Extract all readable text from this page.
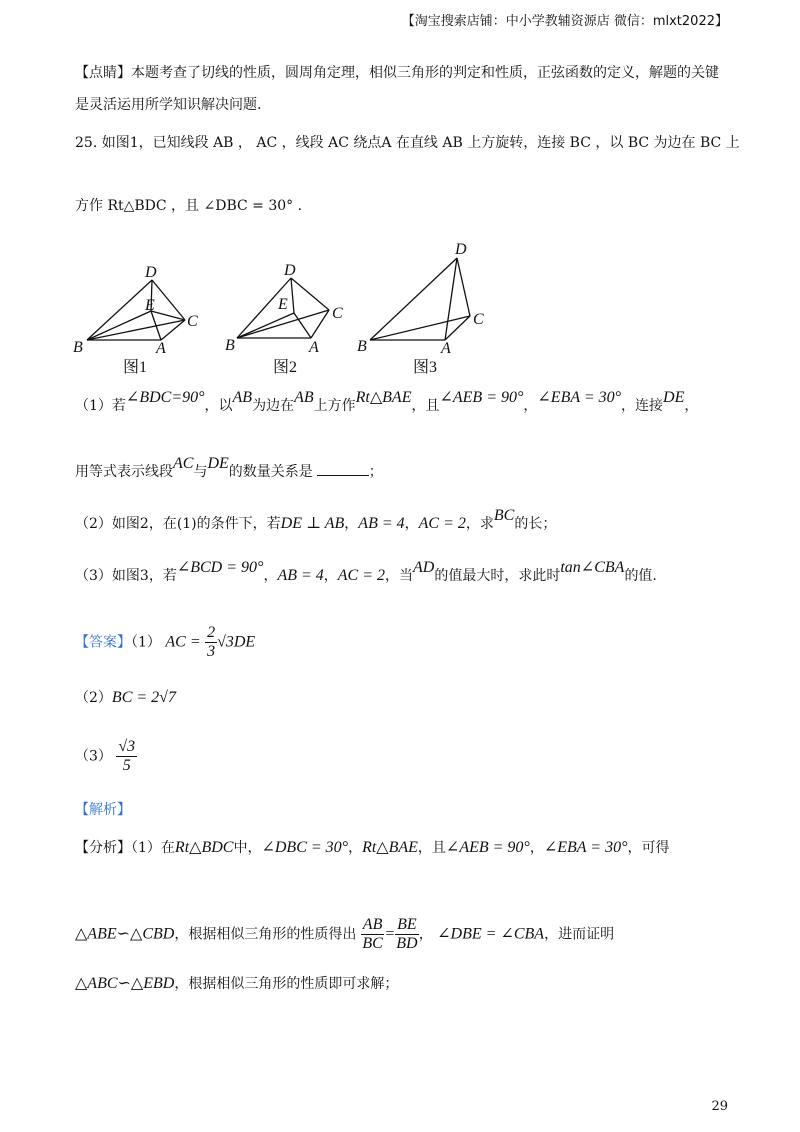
【淘宝搜索店铺：中小学教辅资源店 微信：mlxt2022】
【点睛】本题考查了切线的性质，圆周角定理，相似三角形的判定和性质，正弦函数的定义，解题的关键
是灵活运用所学知识解决问题.
25. 如图1，已知线段 AB ， AC ，线段 AC 绕点A 在直线 AB 上方旋转，连接 BC ，以 BC 为边在 BC 上
方作 Rt△BDC ，且 ∠DBC = 30° .
D
E
C
B	A
D
E
C
B	A
D
C
B	A
图1	图2	图3
（1）若∠BDC=90°，以AB为边在AB上方作Rt△BAE，且∠AEB = 90°，∠EBA = 30°，连接DE，
用等式表示线段AC与DE的数量关系是	；
（2）如图2，在(1)的条件下，若DE ⊥ AB，AB = 4，AC = 2，求BC的长；
（3）如图3，若∠BCD = 90°，AB = 4，AC = 2，当AD的值最大时，求此时tan∠CBA的值.
【答案】（1） AC = $\frac{2}{3} √3DE$
（2）BC = 2√7
$(3) \frac{√3}{5}$
【解析】
【分析】（1）在Rt△BDC中，∠DBC = 30°，Rt△BAE，且∠AEB = 90°，∠EBA = 30°，可得
△ABE∽△CBD，根据相似三角形的性质得出 $\frac{AB}{BC} = \frac{BE}{BD}$ ， ∠DBE = ∠CBA，进而证明
△ABC∽△EBD，根据相似三角形的性质即可求解；
29
